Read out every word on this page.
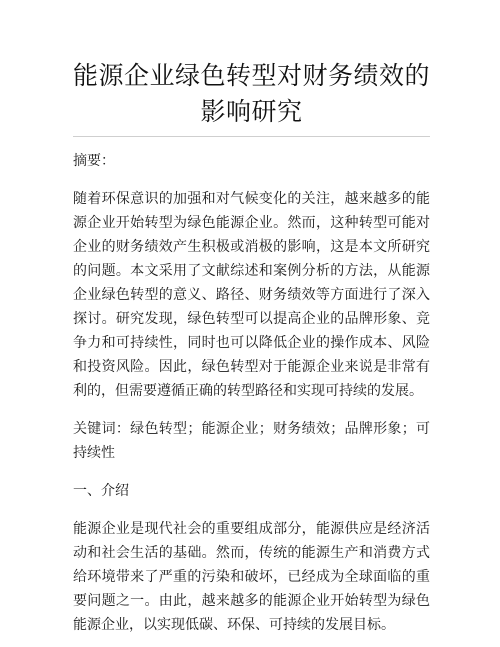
能源企业绿色转型对财务绩效的影响研究

摘要：

随着环保意识的加强和对气候变化的关注，越来越多的能源企业开始转型为绿色能源企业。然而，这种转型可能对企业的财务绩效产生积极或消极的影响，这是本文所研究的问题。本文采用了文献综述和案例分析的方法，从能源企业绿色转型的意义、路径、财务绩效等方面进行了深入探讨。研究发现，绿色转型可以提高企业的品牌形象、竞争力和可持续性，同时也可以降低企业的操作成本、风险和投资风险。因此，绿色转型对于能源企业来说是非常有利的，但需要遵循正确的转型路径和实现可持续的发展。

关键词：绿色转型；能源企业；财务绩效；品牌形象；可持续性

一、介绍

能源企业是现代社会的重要组成部分，能源供应是经济活动和社会生活的基础。然而，传统的能源生产和消费方式给环境带来了严重的污染和破坏，已经成为全球面临的重要问题之一。由此，越来越多的能源企业开始转型为绿色能源企业，以实现低碳、环保、可持续的发展目标。
